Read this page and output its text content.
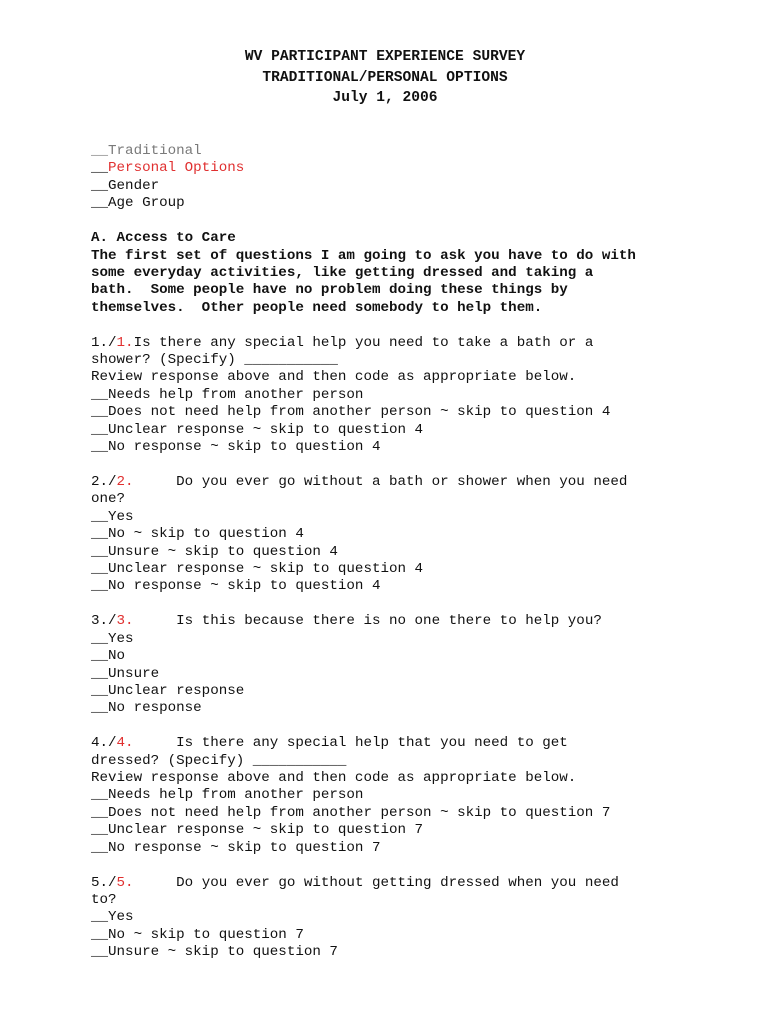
WV PARTICIPANT EXPERIENCE SURVEY
TRADITIONAL/PERSONAL OPTIONS
July 1, 2006
__Traditional
__Personal Options
__Gender
__Age Group
A. Access to Care
The first set of questions I am going to ask you have to do with
some everyday activities, like getting dressed and taking a
bath.  Some people have no problem doing these things by
themselves.  Other people need somebody to help them.
1./1.Is there any special help you need to take a bath or a
shower? (Specify) ___________
Review response above and then code as appropriate below.
__Needs help from another person
__Does not need help from another person ~ skip to question 4
__Unclear response ~ skip to question 4
__No response ~ skip to question 4
2./2.     Do you ever go without a bath or shower when you need
one?
__Yes
__No ~ skip to question 4
__Unsure ~ skip to question 4
__Unclear response ~ skip to question 4
__No response ~ skip to question 4
3./3.     Is this because there is no one there to help you?
__Yes
__No
__Unsure
__Unclear response
__No response
4./4.     Is there any special help that you need to get
dressed? (Specify) ___________
Review response above and then code as appropriate below.
__Needs help from another person
__Does not need help from another person ~ skip to question 7
__Unclear response ~ skip to question 7
__No response ~ skip to question 7
5./5.     Do you ever go without getting dressed when you need
to?
__Yes
__No ~ skip to question 7
__Unsure ~ skip to question 7
